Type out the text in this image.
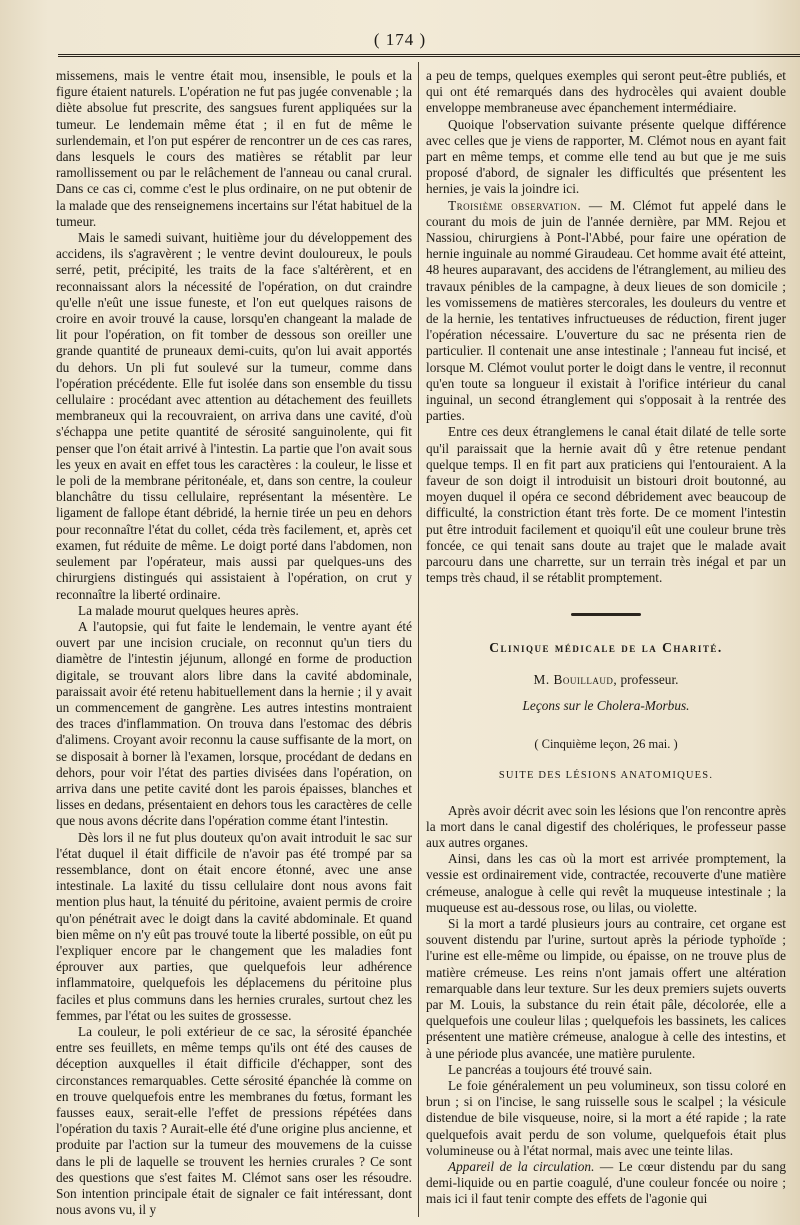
( 174 )

missemens, mais le ventre était mou, insensible, le pouls et la figure étaient naturels. L'opération ne fut pas jugée convenable ; la diète absolue fut prescrite, des sangsues furent appliquées sur la tumeur. Le lendemain même état ; il en fut de même le surlendemain, et l'on put espérer de rencontrer un de ces cas rares, dans lesquels le cours des matières se rétablit par leur ramollissement ou par le relâchement de l'anneau ou canal crural. Dans ce cas ci, comme c'est le plus ordinaire, on ne put obtenir de la malade que des renseignemens incertains sur l'état habituel de la tumeur.

Mais le samedi suivant, huitième jour du développement des accidens, ils s'agravèrent ; le ventre devint douloureux, le pouls serré, petit, précipité, les traits de la face s'altérèrent, et en reconnaissant alors la nécessité de l'opération, on dut craindre qu'elle n'eût une issue funeste, et l'on eut quelques raisons de croire en avoir trouvé la cause, lorsqu'en changeant la malade de lit pour l'opération, on fit tomber de dessous son oreiller une grande quantité de pruneaux demi-cuits, qu'on lui avait apportés du dehors. Un pli fut soulevé sur la tumeur, comme dans l'opération précédente. Elle fut isolée dans son ensemble du tissu cellulaire : procédant avec attention au détachement des feuillets membraneux qui la recouvraient, on arriva dans une cavité, d'où s'échappa une petite quantité de sérosité sanguinolente, qui fit penser que l'on était arrivé à l'intestin. La partie que l'on avait sous les yeux en avait en effet tous les caractères : la couleur, le lisse et le poli de la membrane péritonéale, et, dans son centre, la couleur blanchâtre du tissu cellulaire, représentant la mésentère. Le ligament de fallope étant débridé, la hernie tirée un peu en dehors pour reconnaître l'état du collet, céda très facilement, et, après cet examen, fut réduite de même. Le doigt porté dans l'abdomen, non seulement par l'opérateur, mais aussi par quelques-uns des chirurgiens distingués qui assistaient à l'opération, on crut y reconnaître la liberté ordinaire.

La malade mourut quelques heures après.

A l'autopsie, qui fut faite le lendemain, le ventre ayant été ouvert par une incision cruciale, on reconnut qu'un tiers du diamètre de l'intestin jéjunum, allongé en forme de production digitale, se trouvant alors libre dans la cavité abdominale, paraissait avoir été retenu habituellement dans la hernie ; il y avait un commencement de gangrène. Les autres intestins montraient des traces d'inflammation. On trouva dans l'estomac des débris d'alimens. Croyant avoir reconnu la cause suffisante de la mort, on se disposait à borner là l'examen, lorsque, procédant de dedans en dehors, pour voir l'état des parties divisées dans l'opération, on arriva dans une petite cavité dont les parois épaisses, blanches et lisses en dedans, présentaient en dehors tous les caractères de celle que nous avons décrite dans l'opération comme étant l'intestin.

Dès lors il ne fut plus douteux qu'on avait introduit le sac sur l'état duquel il était difficile de n'avoir pas été trompé par sa ressemblance, dont on était encore étonné, avec une anse intestinale. La laxité du tissu cellulaire dont nous avons fait mention plus haut, la ténuité du péritoine, avaient permis de croire qu'on pénétrait avec le doigt dans la cavité abdominale. Et quand bien même on n'y eût pas trouvé toute la liberté possible, on eût pu l'expliquer encore par le changement que les maladies font éprouver aux parties, que quelquefois leur adhérence inflammatoire, quelquefois les déplacemens du péritoine plus faciles et plus communs dans les hernies crurales, surtout chez les femmes, par l'état ou les suites de grossesse.

La couleur, le poli extérieur de ce sac, la sérosité épanchée entre ses feuillets, en même temps qu'ils ont été des causes de déception auxquelles il était difficile d'échapper, sont des circonstances remarquables. Cette sérosité épanchée là comme on en trouve quelquefois entre les membranes du fœtus, formant les fausses eaux, serait-elle l'effet de pressions répétées dans l'opération du taxis ? Aurait-elle été d'une origine plus ancienne, et produite par l'action sur la tumeur des mouvemens de la cuisse dans le pli de laquelle se trouvent les hernies crurales ? Ce sont des questions que s'est faites M. Clémot sans oser les résoudre. Son intention principale était de signaler ce fait intéressant, dont nous avons vu, il y

a peu de temps, quelques exemples qui seront peut-être publiés, et qui ont été remarqués dans des hydrocèles qui avaient double enveloppe membraneuse avec épanchement intermédiaire.

Quoique l'observation suivante présente quelque différence avec celles que je viens de rapporter, M. Clémot nous en ayant fait part en même temps, et comme elle tend au but que je me suis proposé d'abord, de signaler les difficultés que présentent les hernies, je vais la joindre ici.

Troisième observation. — M. Clémot fut appelé dans le courant du mois de juin de l'année dernière, par MM. Rejou et Nassiou, chirurgiens à Pont-l'Abbé, pour faire une opération de hernie inguinale au nommé Giraudeau. Cet homme avait été atteint, 48 heures auparavant, des accidens de l'étranglement, au milieu des travaux pénibles de la campagne, à deux lieues de son domicile ; les vomissemens de matières stercorales, les douleurs du ventre et de la hernie, les tentatives infructueuses de réduction, firent juger l'opération nécessaire. L'ouverture du sac ne présenta rien de particulier. Il contenait une anse intestinale ; l'anneau fut incisé, et lorsque M. Clémot voulut porter le doigt dans le ventre, il reconnut qu'en toute sa longueur il existait à l'orifice intérieur du canal inguinal, un second étranglement qui s'opposait à la rentrée des parties.

Entre ces deux étranglemens le canal était dilaté de telle sorte qu'il paraissait que la hernie avait dû y être retenue pendant quelque temps. Il en fit part aux praticiens qui l'entouraient. A la faveur de son doigt il introduisit un bistouri droit boutonné, au moyen duquel il opéra ce second débridement avec beaucoup de difficulté, la constriction étant très forte. De ce moment l'intestin put être introduit facilement et quoiqu'il eût une couleur brune très foncée, ce qui tenait sans doute au trajet que le malade avait parcouru dans une charrette, sur un terrain très inégal et par un temps très chaud, il se rétablit promptement.

Clinique médicale de la Charité.
M. Bouillaud, professeur.
Leçons sur le Cholera-Morbus.
( Cinquième leçon, 26 mai. )
SUITE DES LÉSIONS ANATOMIQUES.

Après avoir décrit avec soin les lésions que l'on rencontre après la mort dans le canal digestif des cholériques, le professeur passe aux autres organes.

Ainsi, dans les cas où la mort est arrivée promptement, la vessie est ordinairement vide, contractée, recouverte d'une matière crémeuse, analogue à celle qui revêt la muqueuse intestinale ; la muqueuse est au-dessous rose, ou lilas, ou violette.

Si la mort a tardé plusieurs jours au contraire, cet organe est souvent distendu par l'urine, surtout après la période typhoïde ; l'urine est elle-même ou limpide, ou épaisse, on ne trouve plus de matière crémeuse. Les reins n'ont jamais offert une altération remarquable dans leur texture. Sur les deux premiers sujets ouverts par M. Louis, la substance du rein était pâle, décolorée, elle a quelquefois une couleur lilas ; quelquefois les bassinets, les calices présentent une matière crémeuse, analogue à celle des intestins, et à une période plus avancée, une matière purulente.

Le pancréas a toujours été trouvé sain.

Le foie généralement un peu volumineux, son tissu coloré en brun ; si on l'incise, le sang ruisselle sous le scalpel ; la vésicule distendue de bile visqueuse, noire, si la mort a été rapide ; la rate quelquefois avait perdu de son volume, quelquefois était plus volumineuse ou à l'état normal, mais avec une teinte lilas.

Appareil de la circulation. — Le cœur distendu par du sang demi-liquide ou en partie coagulé, d'une couleur foncée ou noire ; mais ici il faut tenir compte des effets de l'agonie qui
